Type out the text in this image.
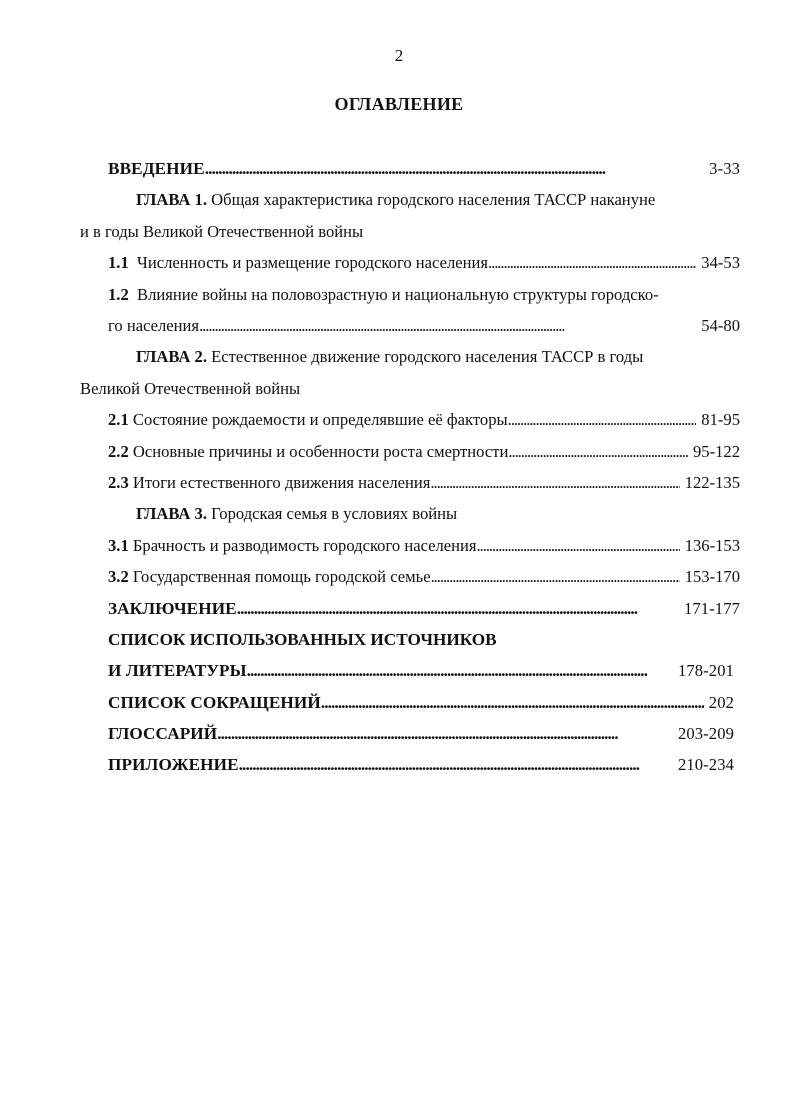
2
ОГЛАВЛЕНИЕ
ВВЕДЕНИЕ . . .	3-33
ГЛАВА 1. Общая характеристика городского населения ТАССР накануне
и в годы Великой Отечественной войны
1.1 Численность и размещение городского населения . . .	34-53
1.2 Влияние войны на половозрастную и национальную структуры городско-
го населения . . .	54-80
ГЛАВА 2. Естественное движение городского населения ТАССР в годы
Великой Отечественной войны
2.1 Состояние рождаемости и определявшие её факторы . . .	81-95
2.2 Основные причины и особенности роста смертности . . .	95-122
2.3 Итоги естественного движения населения . . .	122-135
ГЛАВА 3. Городская семья в условиях войны
3.1 Брачность и разводимость городского населения . . .	136-153
3.2 Государственная помощь городской семье . . .	153-170
ЗАКЛЮЧЕНИЕ . . .	171-177
СПИСОК ИСПОЛЬЗОВАННЫХ ИСТОЧНИКОВ
И ЛИТЕРАТУРЫ . . .	178-201
СПИСОК СОКРАЩЕНИЙ . . .	202
ГЛОССАРИЙ . . .	203-209
ПРИЛОЖЕНИЕ . . .	210-234
